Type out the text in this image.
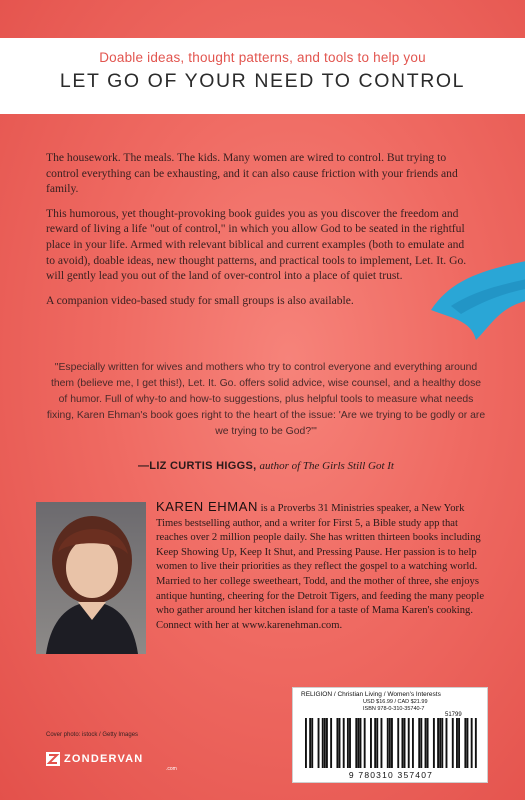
Doable ideas, thought patterns, and tools to help you
LET GO OF YOUR NEED TO CONTROL

The housework. The meals. The kids. Many women are wired to control. But trying to control everything can be exhausting, and it can also cause friction with your friends and family.

This humorous, yet thought-provoking book guides you as you discover the freedom and reward of living a life "out of control," in which you allow God to be seated in the rightful place in your life. Armed with relevant biblical and current examples (both to emulate and to avoid), doable ideas, new thought patterns, and practical tools to implement, Let. It. Go. will gently lead you out of the land of over-control into a place of quiet trust.

A companion video-based study for small groups is also available.

"Especially written for wives and mothers who try to control everyone and everything around them (believe me, I get this!), Let. It. Go. offers solid advice, wise counsel, and a healthy dose of humor. Full of why-to and how-to suggestions, plus helpful tools to measure what needs fixing, Karen Ehman's book goes right to the heart of the issue: 'Are we trying to be godly or are we trying to be God?'"
—LIZ CURTIS HIGGS, author of The Girls Still Got It
KAREN EHMAN is a Proverbs 31 Ministries speaker, a New York Times bestselling author, and a writer for First 5, a Bible study app that reaches over 2 million people daily. She has written thirteen books including Keep Showing Up, Keep It Shut, and Pressing Pause. Her passion is to help women to live their priorities as they reflect the gospel to a watching world. Married to her college sweetheart, Todd, and the mother of three, she enjoys antique hunting, cheering for the Detroit Tigers, and feeding the many people who gather around her kitchen island for a taste of Mama Karen's cooking. Connect with her at www.karenehman.com.
Cover photo: istock / Getty Images
ZONDERVAN
.com
RELIGION / Christian Living / Women's Interests
USD $16.99 / CAD $21.99
ISBN 978-0-310-35740-7
51799
9 780310 357407
